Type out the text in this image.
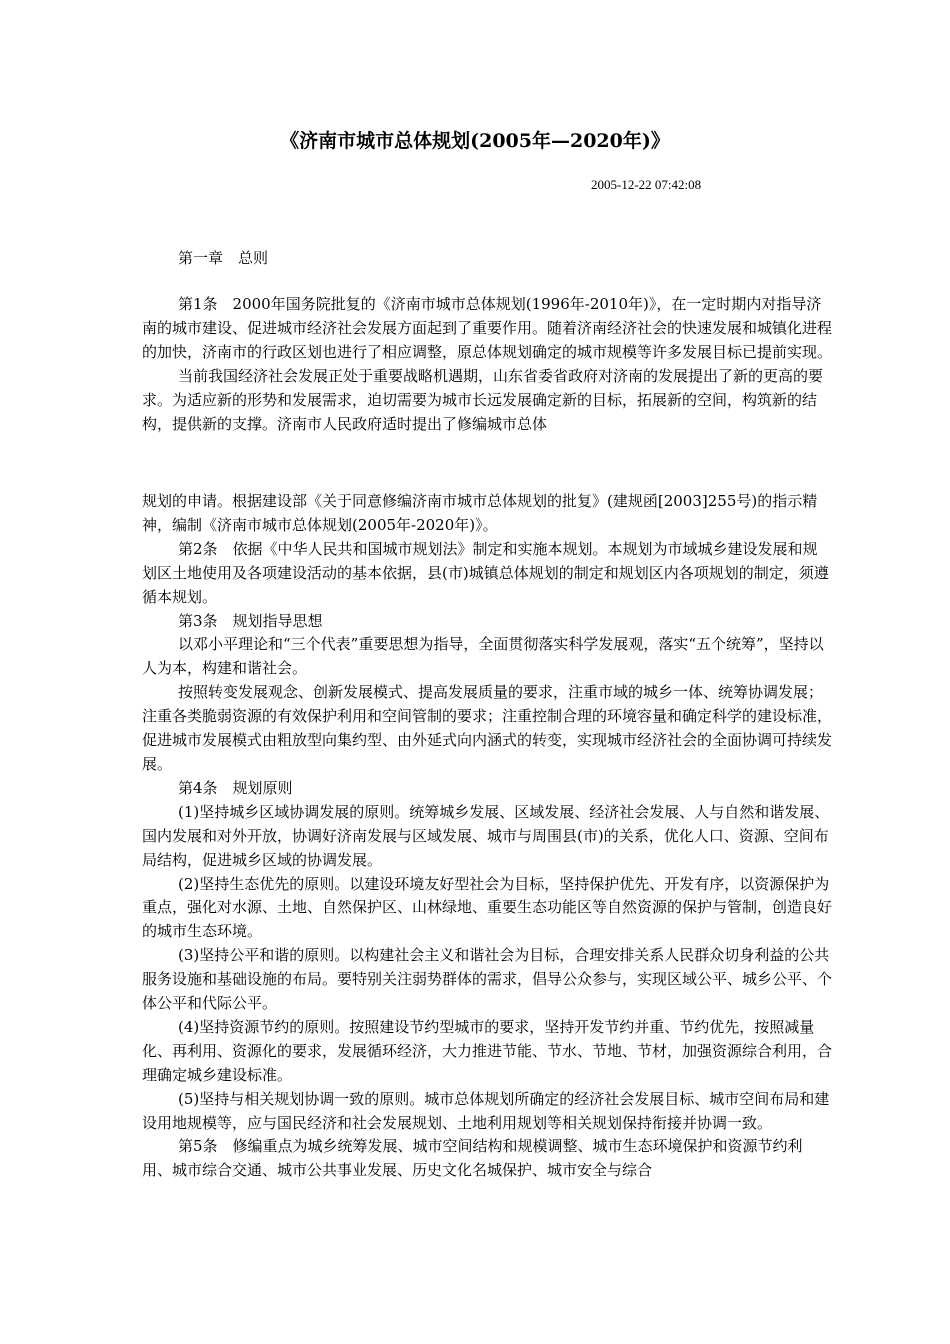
《济南市城市总体规划(2005年—2020年)》
2005-12-22 07:42:08
第一章　总则

第1条　2000年国务院批复的《济南市城市总体规划(1996年-2010年)》，在一定时期内对指导济南的城市建设、促进城市经济社会发展方面起到了重要作用。随着济南经济社会的快速发展和城镇化进程的加快，济南市的行政区划也进行了相应调整，原总体规划确定的城市规模等许多发展目标已提前实现。

当前我国经济社会发展正处于重要战略机遇期，山东省委省政府对济南的发展提出了新的更高的要求。为适应新的形势和发展需求，迫切需要为城市长远发展确定新的目标，拓展新的空间，构筑新的结构，提供新的支撑。济南市人民政府适时提出了修编城市总体

规划的申请。根据建设部《关于同意修编济南市城市总体规划的批复》(建规函[2003]255号)的指示精神，编制《济南市城市总体规划(2005年-2020年)》。

第2条　依据《中华人民共和国城市规划法》制定和实施本规划。本规划为市域城乡建设发展和规划区土地使用及各项建设活动的基本依据，县(市)城镇总体规划的制定和规划区内各项规划的制定，须遵循本规划。

第3条　规划指导思想

以邓小平理论和“三个代表”重要思想为指导，全面贯彻落实科学发展观，落实“五个统筹”，坚持以人为本，构建和谐社会。

按照转变发展观念、创新发展模式、提高发展质量的要求，注重市域的城乡一体、统筹协调发展；注重各类脆弱资源的有效保护利用和空间管制的要求；注重控制合理的环境容量和确定科学的建设标准，促进城市发展模式由粗放型向集约型、由外延式向内涵式的转变，实现城市经济社会的全面协调可持续发展。

第4条　规划原则

(1)坚持城乡区域协调发展的原则。统筹城乡发展、区域发展、经济社会发展、人与自然和谐发展、国内发展和对外开放，协调好济南发展与区域发展、城市与周围县(市)的关系，优化人口、资源、空间布局结构，促进城乡区域的协调发展。

(2)坚持生态优先的原则。以建设环境友好型社会为目标，坚持保护优先、开发有序，以资源保护为重点，强化对水源、土地、自然保护区、山林绿地、重要生态功能区等自然资源的保护与管制，创造良好的城市生态环境。

(3)坚持公平和谐的原则。以构建社会主义和谐社会为目标，合理安排关系人民群众切身利益的公共服务设施和基础设施的布局。要特别关注弱势群体的需求，倡导公众参与，实现区域公平、城乡公平、个体公平和代际公平。

(4)坚持资源节约的原则。按照建设节约型城市的要求，坚持开发节约并重、节约优先，按照减量化、再利用、资源化的要求，发展循环经济，大力推进节能、节水、节地、节材，加强资源综合利用，合理确定城乡建设标准。

(5)坚持与相关规划协调一致的原则。城市总体规划所确定的经济社会发展目标、城市空间布局和建设用地规模等，应与国民经济和社会发展规划、土地利用规划等相关规划保持衔接并协调一致。

第5条　修编重点为城乡统筹发展、城市空间结构和规模调整、城市生态环境保护和资源节约利用、城市综合交通、城市公共事业发展、历史文化名城保护、城市安全与综合
